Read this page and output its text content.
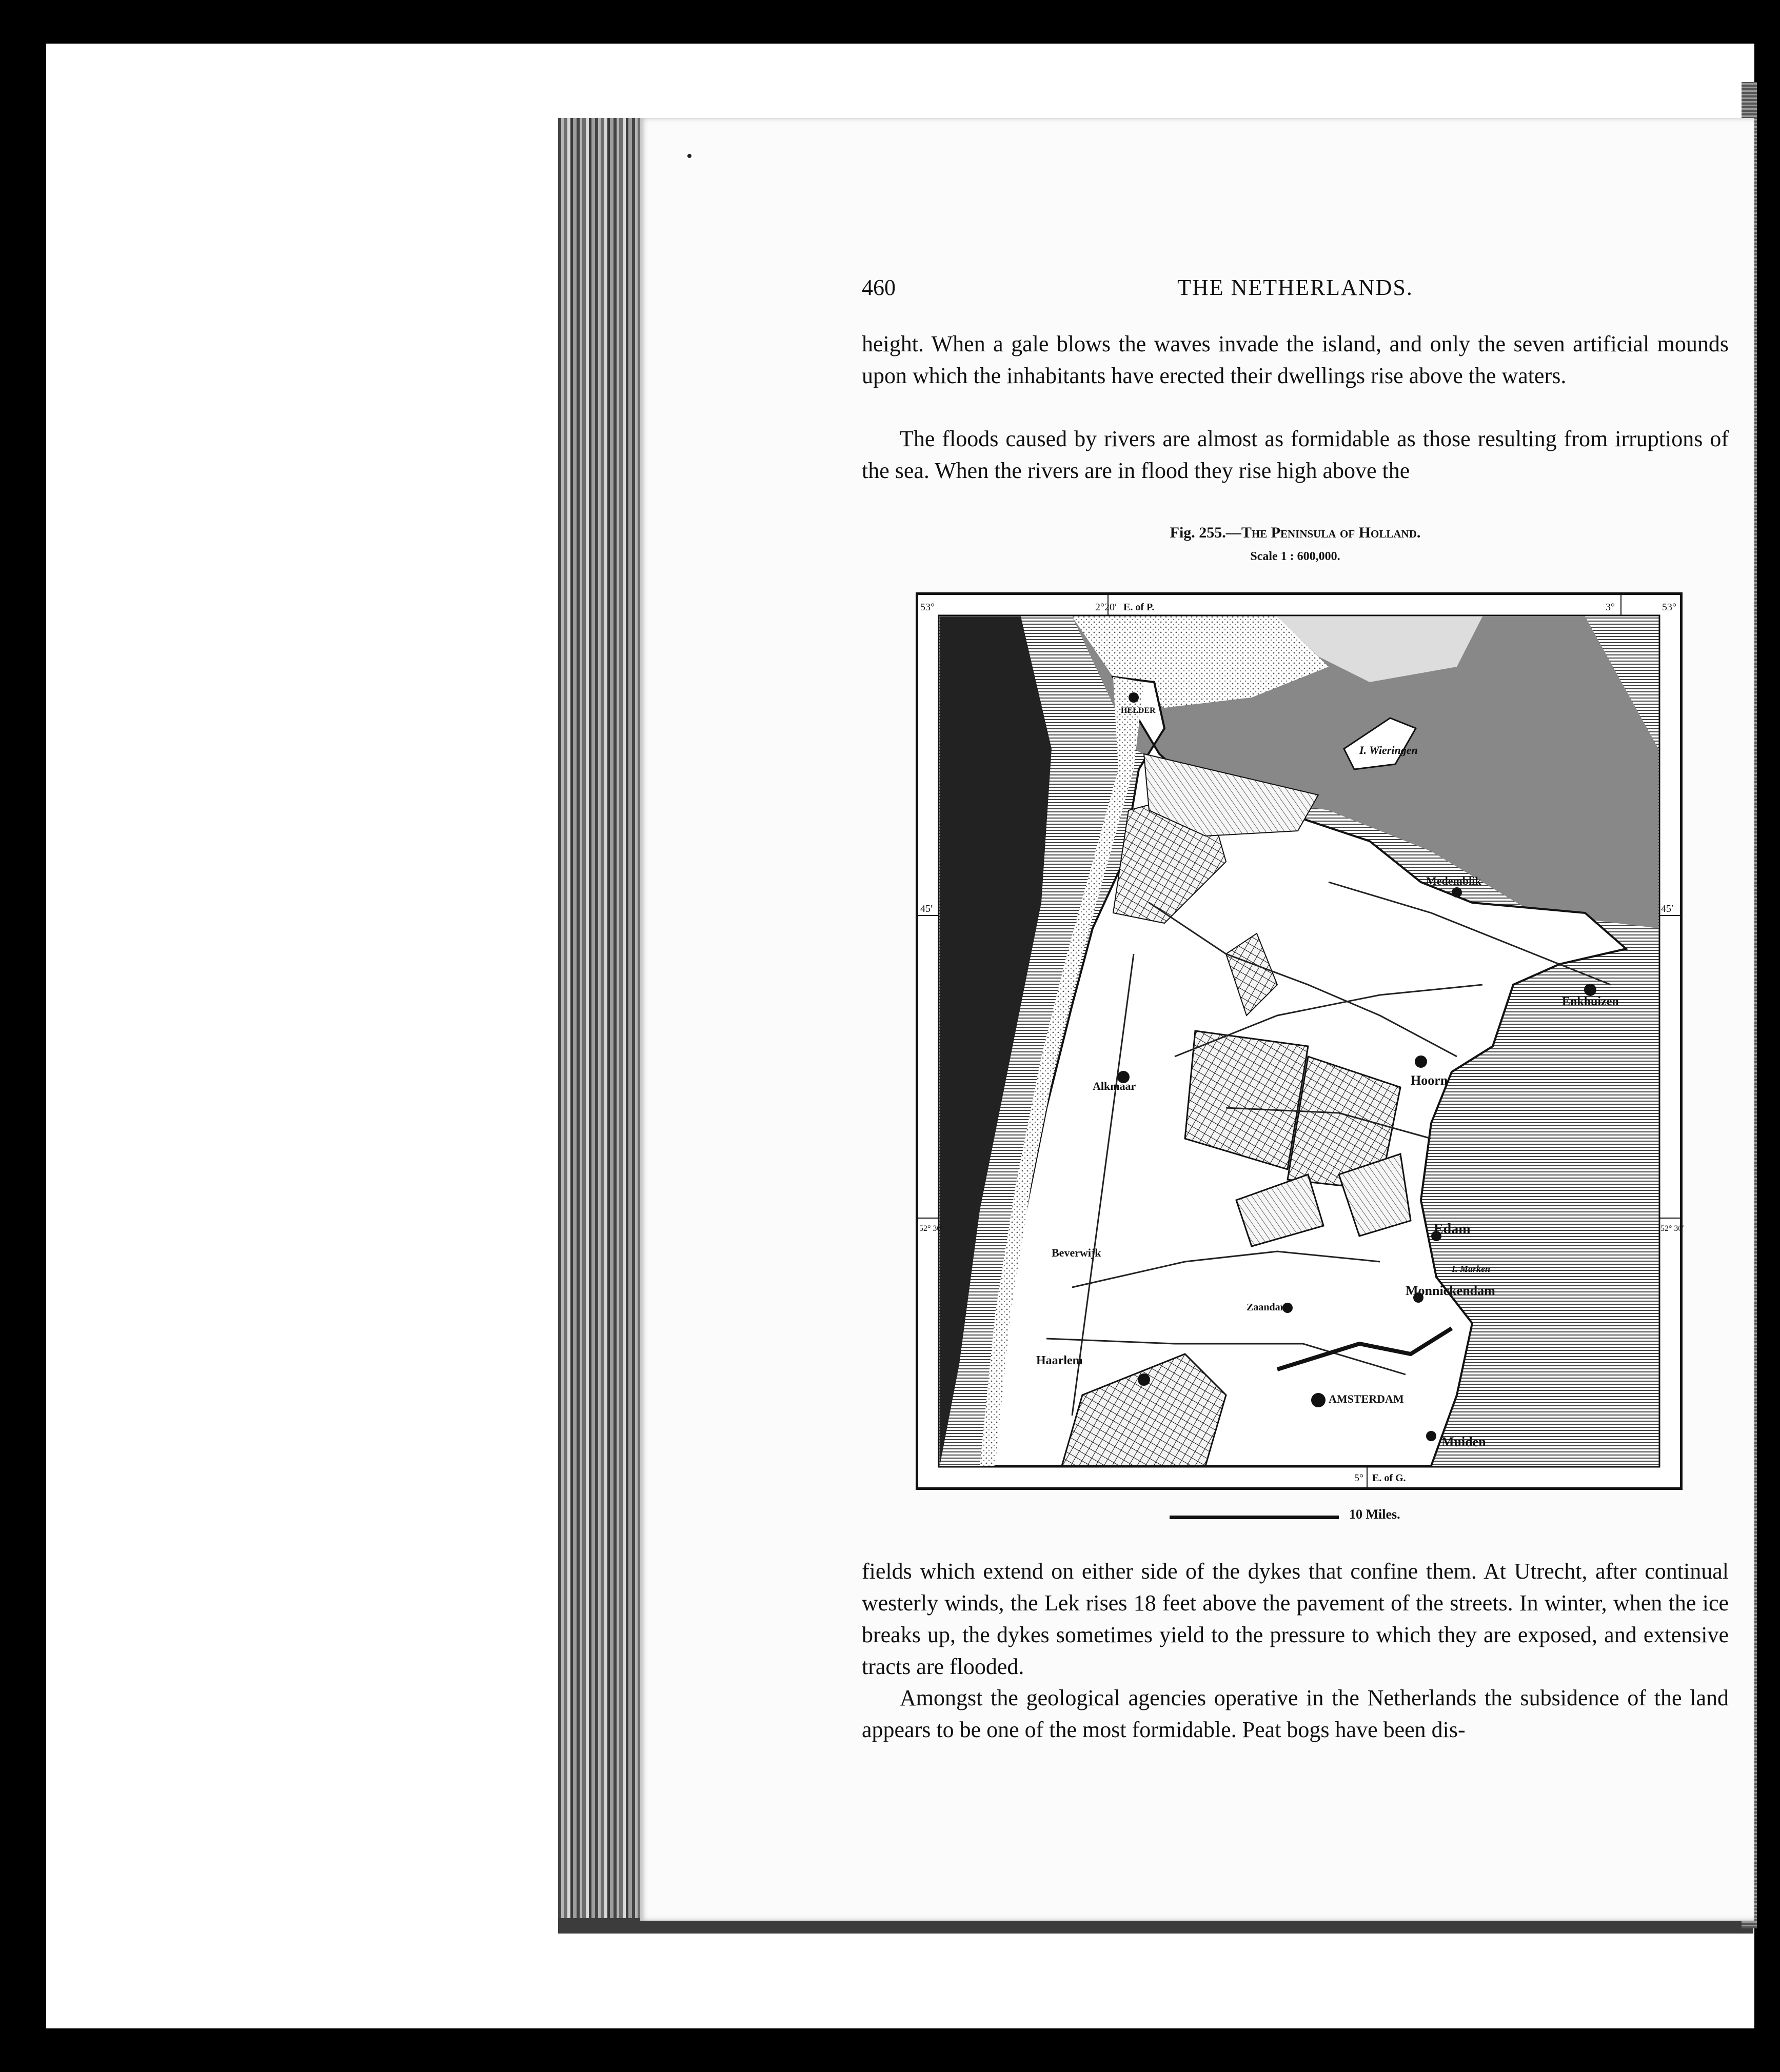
460	THE NETHERLANDS.
height. When a gale blows the waves invade the island, and only the seven artificial mounds upon which the inhabitants have erected their dwellings rise above the waters.
The floods caused by rivers are almost as formidable as those resulting from irruptions of the sea. When the rivers are in flood they rise high above the
Fig. 255.—The Peninsula of Holland.
Scale 1 : 600,000.
53°	2°20′ E. of P.	3°	53°
45′	45′
52° 30′	52° 30′
5° E. of G.
HELDER
I. Wieringen
Medemblik
Enkhuizen
Hoorn
Alkmaar
Edam
I. Marken
Monnickendam
Beverwijk
Zaandam
Haarlem
AMSTERDAM
Muiden
10 Miles.
fields which extend on either side of the dykes that confine them. At Utrecht, after continual westerly winds, the Lek rises 18 feet above the pavement of the streets. In winter, when the ice breaks up, the dykes sometimes yield to the pressure to which they are exposed, and extensive tracts are flooded.
Amongst the geological agencies operative in the Netherlands the subsidence of the land appears to be one of the most formidable. Peat bogs have been dis-
